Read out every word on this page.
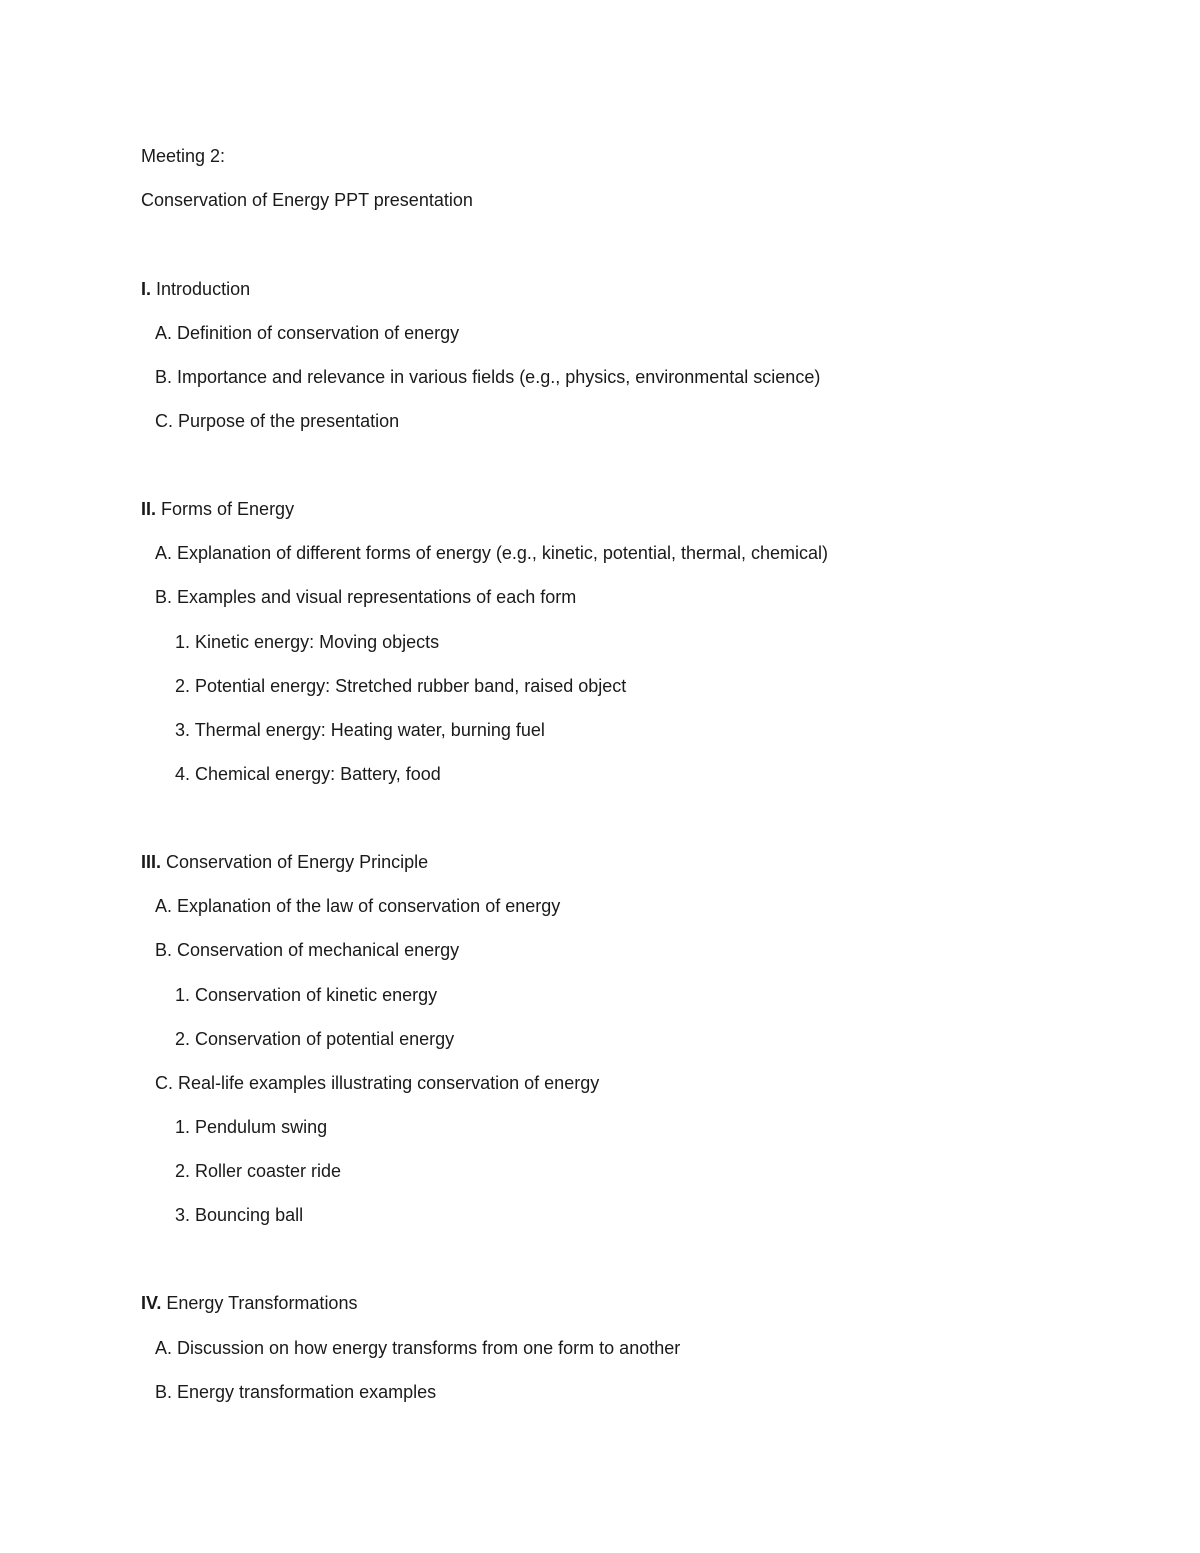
Meeting 2:
Conservation of Energy PPT presentation
I. Introduction
A. Definition of conservation of energy
B. Importance and relevance in various fields (e.g., physics, environmental science)
C. Purpose of the presentation
II. Forms of Energy
A. Explanation of different forms of energy (e.g., kinetic, potential, thermal, chemical)
B. Examples and visual representations of each form
1. Kinetic energy: Moving objects
2. Potential energy: Stretched rubber band, raised object
3. Thermal energy: Heating water, burning fuel
4. Chemical energy: Battery, food
III. Conservation of Energy Principle
A. Explanation of the law of conservation of energy
B. Conservation of mechanical energy
1. Conservation of kinetic energy
2. Conservation of potential energy
C. Real-life examples illustrating conservation of energy
1. Pendulum swing
2. Roller coaster ride
3. Bouncing ball
IV. Energy Transformations
A. Discussion on how energy transforms from one form to another
B. Energy transformation examples
